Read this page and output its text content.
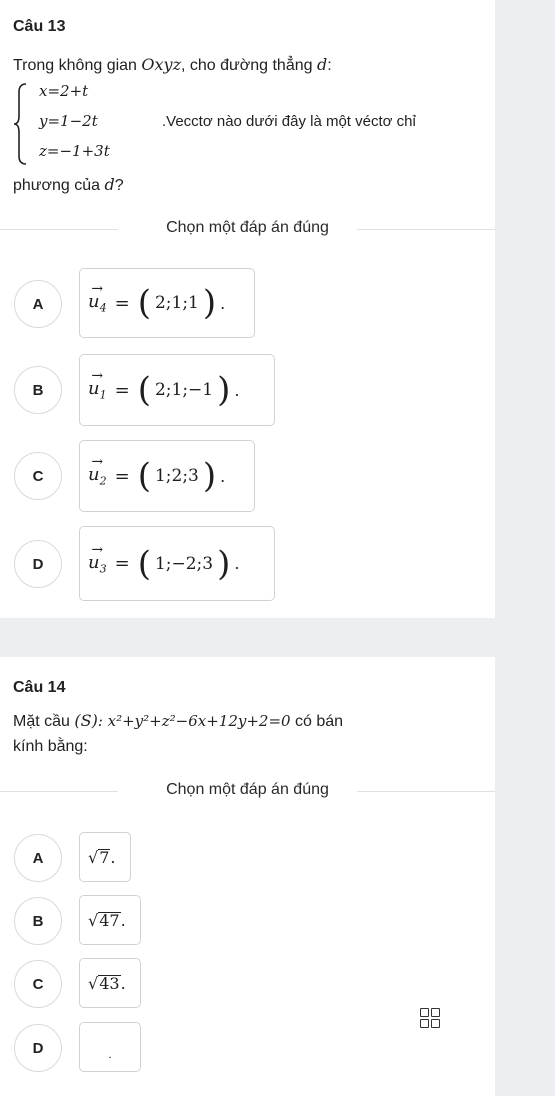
Câu 13
Trong không gian Oxyz, cho đường thẳng d:
x=2+t
y=1−2t
z=−1+3t
.Vecctơ nào dưới đây là một véctơ chỉ
phương của d?
Chọn một đáp án đúng
A
→
$u_4$ = ( 2;1;1 ) .
B
→
$u_1$ = ( 2;1;−1 ) .
C
→
$u_2$ = ( 1;2;3 ) .
D
→
$u_3$ = ( 1;−2;3 ) .
Câu 14
Mặt cầu (S): x²+y²+z²−6x+12y+2=0 có bán
kính bằng:
Chọn một đáp án đúng
A	√ 7 .
B	√ 47 .
C	√ 43 .
D	.
